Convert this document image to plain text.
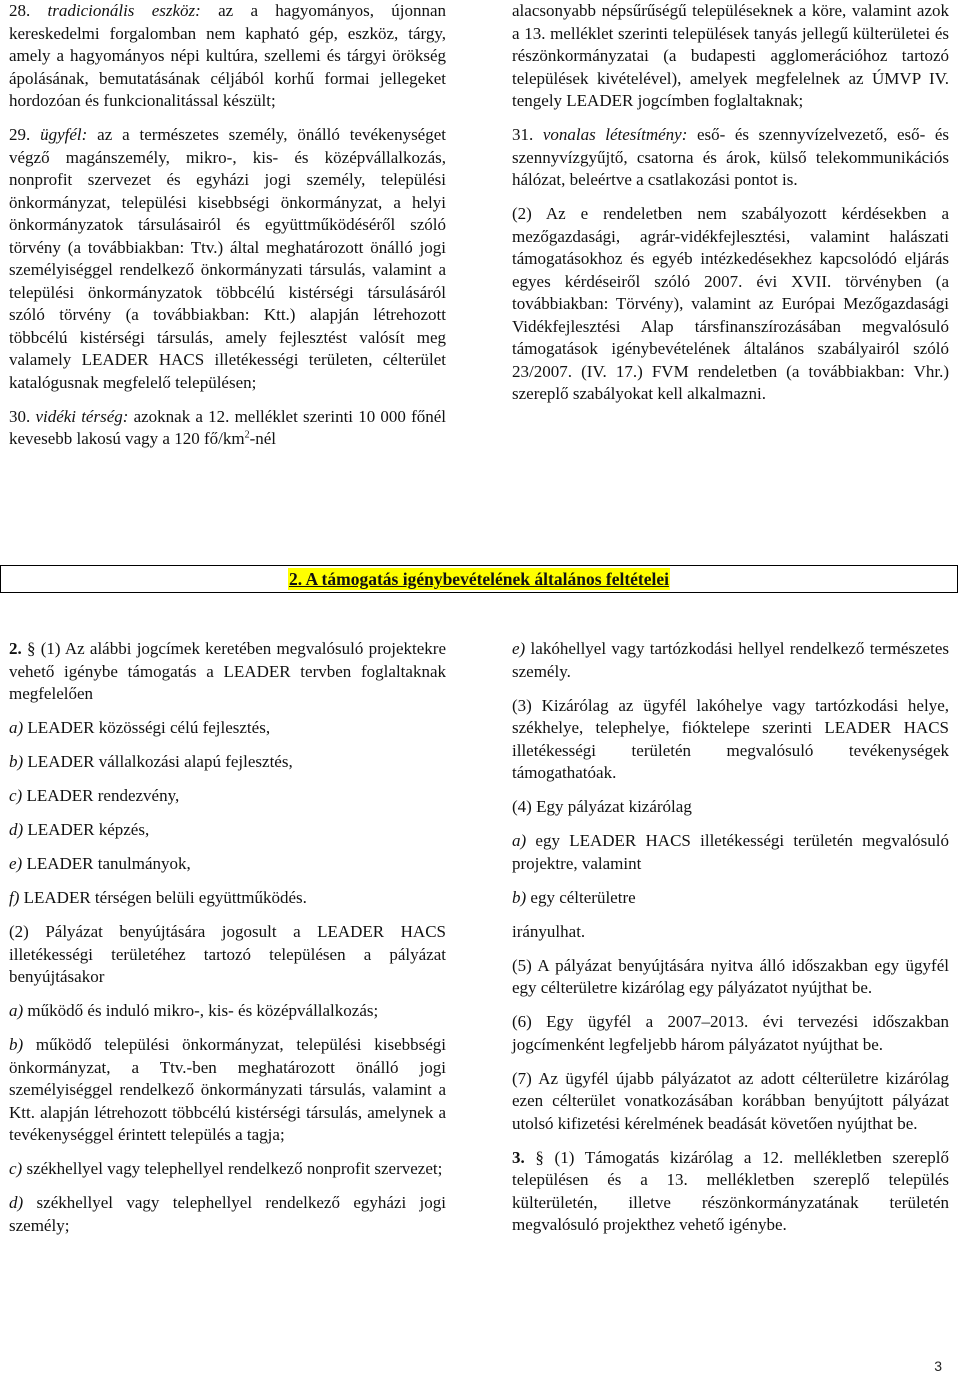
28. tradicionális eszköz: az a hagyományos, újonnan kereskedelmi forgalomban nem kapható gép, eszköz, tárgy, amely a hagyományos népi kultúra, szellemi és tárgyi örökség ápolásának, bemutatásának céljából korhű formai jellegeket hordozóan és funkcionalitással készült;

29. ügyfél: az a természetes személy, önálló tevékenységet végző magánszemély, mikro-, kis- és középvállalkozás, nonprofit szervezet és egyházi jogi személy, települési önkormányzat, települési kisebbségi önkormányzat, a helyi önkormányzatok társulásairól és együttműködéséről szóló törvény (a továbbiakban: Ttv.) által meghatározott önálló jogi személyiséggel rendelkező önkormányzati társulás, valamint a települési önkormányzatok többcélú kistérségi társulásáról szóló törvény (a továbbiakban: Ktt.) alapján létrehozott többcélú kistérségi társulás, amely fejlesztést valósít meg valamely LEADER HACS illetékességi területen, célterület katalógusnak megfelelő településen;

30. vidéki térség: azoknak a 12. melléklet szerinti 10 000 főnél kevesebb lakosú vagy a 120 $fő/km^2$-nél

alacsonyabb népsűrűségű településeknek a köre, valamint azok a 13. melléklet szerinti települések tanyás jellegű külterületei és részönkormányzatai (a budapesti agglomerációhoz tartozó települések kivételével), amelyek megfelelnek az ÚMVP IV. tengely LEADER jogcímben foglaltaknak;

31. vonalas létesítmény: eső- és szennyvízelvezető, eső- és szennyvízgyűjtő, csatorna és árok, külső telekommunikációs hálózat, beleértve a csatlakozási pontot is.

(2) Az e rendeletben nem szabályozott kérdésekben a mezőgazdasági, agrár-vidékfejlesztési, valamint halászati támogatásokhoz és egyéb intézkedésekhez kapcsolódó eljárás egyes kérdéseiről szóló 2007. évi XVII. törvényben (a továbbiakban: Törvény), valamint az Európai Mezőgazdasági Vidékfejlesztési Alap társfinanszírozásában megvalósuló támogatások igénybevételének általános szabályairól szóló 23/2007. (IV. 17.) FVM rendeletben (a továbbiakban: Vhr.) szereplő szabályokat kell alkalmazni.

2. A támogatás igénybevételének általános feltételei

2. § (1) Az alábbi jogcímek keretében megvalósuló projektekre vehető igénybe támogatás a LEADER tervben foglaltaknak megfelelően

a) LEADER közösségi célú fejlesztés,

b) LEADER vállalkozási alapú fejlesztés,

c) LEADER rendezvény,

d) LEADER képzés,

e) LEADER tanulmányok,

f) LEADER térségen belüli együttműködés.

(2) Pályázat benyújtására jogosult a LEADER HACS illetékességi területéhez tartozó településen a pályázat benyújtásakor

a) működő és induló mikro-, kis- és középvállalkozás;

b) működő települési önkormányzat, települési kisebbségi önkormányzat, a Ttv.-ben meghatározott önálló jogi személyiséggel rendelkező önkormányzati társulás, valamint a Ktt. alapján létrehozott többcélú kistérségi társulás, amelynek a tevékenységgel érintett település a tagja;

c) székhellyel vagy telephellyel rendelkező nonprofit szervezet;

d) székhellyel vagy telephellyel rendelkező egyházi jogi személy;

e) lakóhellyel vagy tartózkodási hellyel rendelkező természetes személy.

(3) Kizárólag az ügyfél lakóhelye vagy tartózkodási helye, székhelye, telephelye, fióktelepe szerinti LEADER HACS illetékességi területén megvalósuló tevékenységek támogathatóak.

(4) Egy pályázat kizárólag

a) egy LEADER HACS illetékességi területén megvalósuló projektre, valamint

b) egy célterületre

irányulhat.

(5) A pályázat benyújtására nyitva álló időszakban egy ügyfél egy célterületre kizárólag egy pályázatot nyújthat be.

(6) Egy ügyfél a 2007–2013. évi tervezési időszakban jogcímenként legfeljebb három pályázatot nyújthat be.

(7) Az ügyfél újabb pályázatot az adott célterületre kizárólag ezen célterület vonatkozásában korábban benyújtott pályázat utolsó kifizetési kérelmének beadását követően nyújthat be.

3. § (1) Támogatás kizárólag a 12. mellékletben szereplő településen és a 13. mellékletben szereplő település külterületén, illetve részönkormányzatának területén megvalósuló projekthez vehető igénybe.

3
